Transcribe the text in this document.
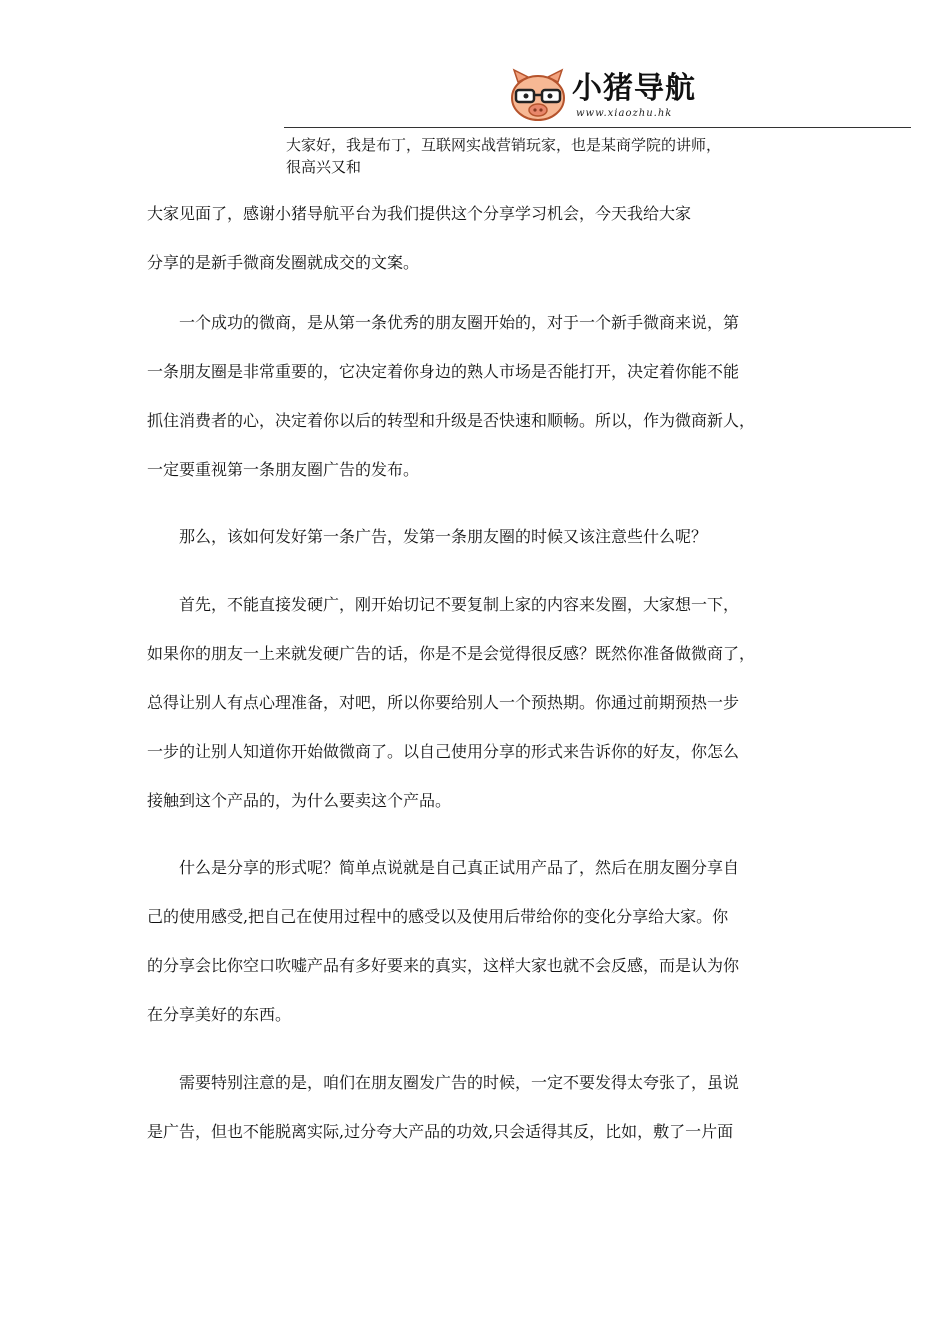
小猪导航
www.xiaozhu.hk
大家好，我是布丁，互联网实战营销玩家，也是某商学院的讲师，
很高兴又和
大家见面了，感谢小猪导航平台为我们提供这个分享学习机会，今天我给大家
分享的是新手微商发圈就成交的文案。
　　一个成功的微商，是从第一条优秀的朋友圈开始的，对于一个新手微商来说，第
一条朋友圈是非常重要的，它决定着你身边的熟人市场是否能打开，决定着你能不能
抓住消费者的心，决定着你以后的转型和升级是否快速和顺畅。所以，作为微商新人，
一定要重视第一条朋友圈广告的发布。
　　那么，该如何发好第一条广告，发第一条朋友圈的时候又该注意些什么呢？
　　首先，不能直接发硬广，刚开始切记不要复制上家的内容来发圈，大家想一下，
如果你的朋友一上来就发硬广告的话，你是不是会觉得很反感？既然你准备做微商了，
总得让别人有点心理准备，对吧，所以你要给别人一个预热期。你通过前期预热一步
一步的让别人知道你开始做微商了。以自己使用分享的形式来告诉你的好友，你怎么
接触到这个产品的，为什么要卖这个产品。
　　什么是分享的形式呢？简单点说就是自己真正试用产品了，然后在朋友圈分享自
己的使用感受,把自己在使用过程中的感受以及使用后带给你的变化分享给大家。你
的分享会比你空口吹嘘产品有多好要来的真实，这样大家也就不会反感，而是认为你
在分享美好的东西。
　　需要特别注意的是，咱们在朋友圈发广告的时候，一定不要发得太夸张了，虽说
是广告，但也不能脱离实际,过分夸大产品的功效,只会适得其反，比如，敷了一片面
